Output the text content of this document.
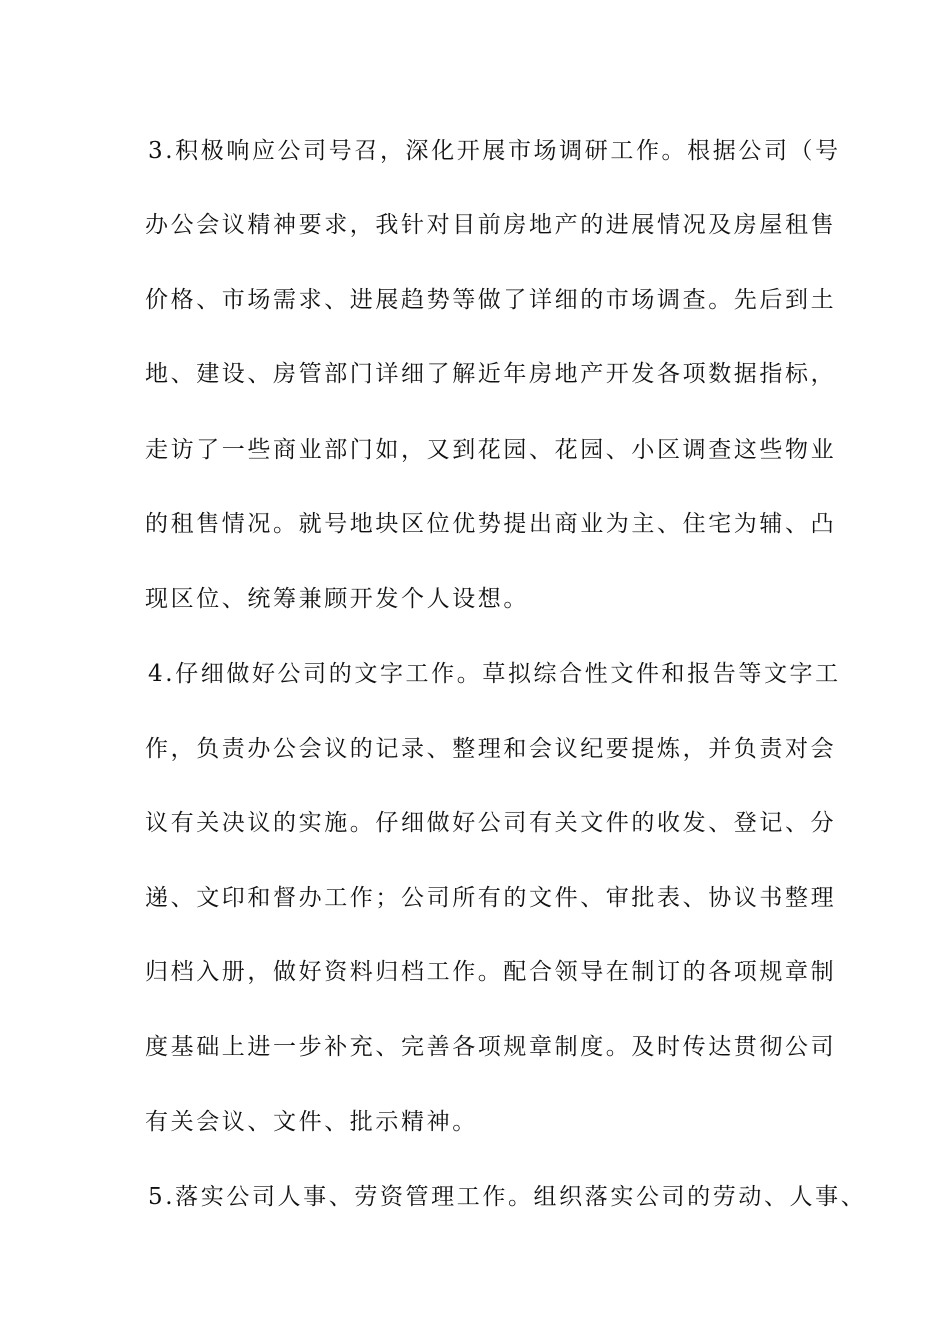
3.积极响应公司号召，深化开展市场调研工作。根据公司（号
办公会议精神要求，我针对目前房地产的进展情况及房屋租售
价格、市场需求、进展趋势等做了详细的市场调查。先后到土
地、建设、房管部门详细了解近年房地产开发各项数据指标，
走访了一些商业部门如，又到花园、花园、小区调查这些物业
的租售情况。就号地块区位优势提出商业为主、住宅为辅、凸
现区位、统筹兼顾开发个人设想。
4.仔细做好公司的文字工作。草拟综合性文件和报告等文字工
作，负责办公会议的记录、整理和会议纪要提炼，并负责对会
议有关决议的实施。仔细做好公司有关文件的收发、登记、分
递、文印和督办工作；公司所有的文件、审批表、协议书整理
归档入册，做好资料归档工作。配合领导在制订的各项规章制
度基础上进一步补充、完善各项规章制度。及时传达贯彻公司
有关会议、文件、批示精神。
5.落实公司人事、劳资管理工作。组织落实公司的劳动、人事、
